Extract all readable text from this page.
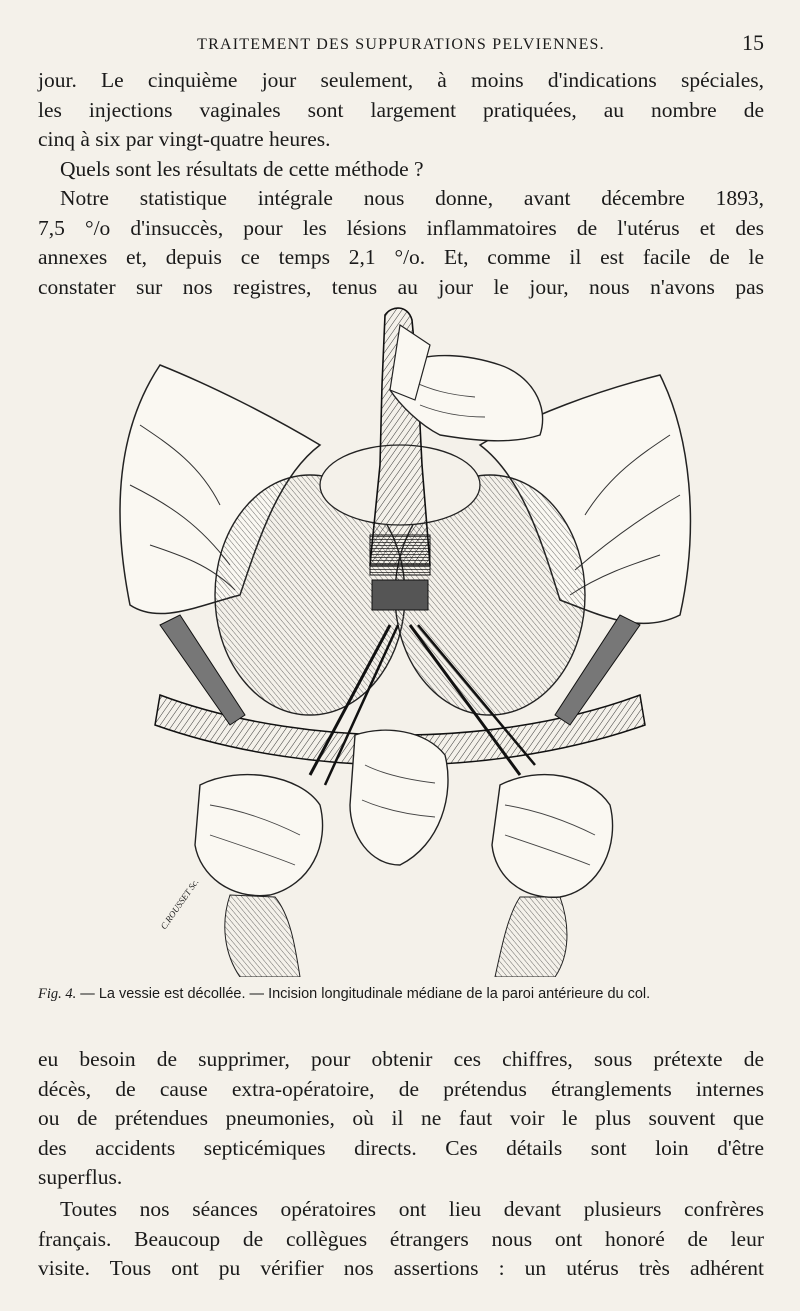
TRAITEMENT DES SUPPURATIONS PELVIENNES.	15
jour. Le cinquième jour seulement, à moins d'indications spéciales,
les injections vaginales sont largement pratiquées, au nombre de
cinq à six par vingt-quatre heures.
Quels sont les résultats de cette méthode ?
Notre statistique intégrale nous donne, avant décembre 1893,
7,5 °/o d'insuccès, pour les lésions inflammatoires de l'utérus et des
annexes et, depuis ce temps 2,1 °/o. Et, comme il est facile de le
constater sur nos registres, tenus au jour le jour, nous n'avons pas
C.ROUSSET Sc.
Fig. 4. — La vessie est décollée. — Incision longitudinale médiane de la paroi antérieure du col.
eu besoin de supprimer, pour obtenir ces chiffres, sous prétexte de
décès, de cause extra-opératoire, de prétendus étranglements internes
ou de prétendues pneumonies, où il ne faut voir le plus souvent que
des accidents septicémiques directs. Ces détails sont loin d'être
superflus.
Toutes nos séances opératoires ont lieu devant plusieurs confrères
français. Beaucoup de collègues étrangers nous ont honoré de leur
visite. Tous ont pu vérifier nos assertions : un utérus très adhérent
